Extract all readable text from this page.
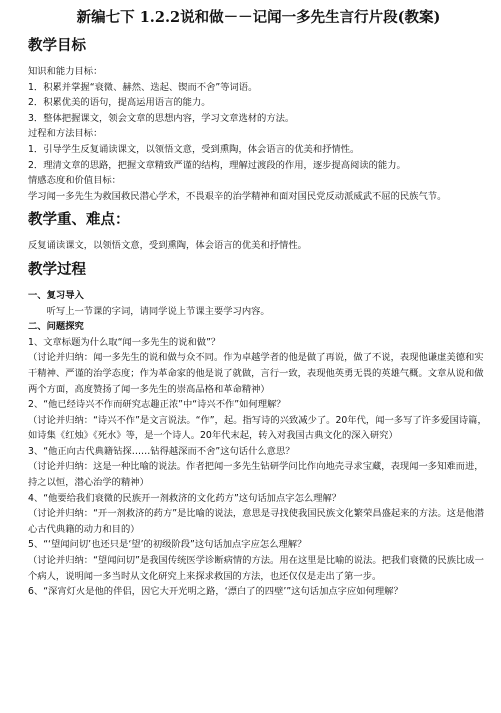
新编七下 1.2.2说和做－－记闻一多先生言行片段(教案)
教学目标
知识和能力目标：
1．积累并掌握“衰微、赫然、迭起、锲而不舍”等词语。
2．积累优美的语句，提高运用语言的能力。
3．整体把握课文，领会文章的思想内容，学习文章选材的方法。
过程和方法目标：
1．引导学生反复诵读课文，以领悟文意，受到熏陶，体会语言的优美和抒情性。
2．理清文章的思路，把握文章精致严谨的结构，理解过渡段的作用，逐步提高阅读的能力。
情感态度和价值目标：
学习闻一多先生为救国救民潜心学术，不畏艰辛的治学精神和面对国民党反动派威武不屈的民族气节。
教学重、难点：
反复诵读课文，以领悟文意，受到熏陶，体会语言的优美和抒情性。
教学过程
一、复习导入
听写上一节课的字词，请同学说上节课主要学习内容。
二、问题探究
1、文章标题为什么取“闻一多先生的说和做”？
（讨论并归纳：闻一多先生的说和做与众不同。作为卓越学者的他是做了再说，做了不说，表现他谦虚美德和实干精神、严谨的治学态度；作为革命家的他是说了就做，言行一致，表现他英勇无畏的英雄气概。文章从说和做两个方面，高度赞扬了闻一多先生的崇高品格和革命精神）
2、“他已经诗兴不作而研究志趣正浓”中“诗兴不作”如何理解？
（讨论并归纳：“诗兴不作”是文言说法。“作”，起。指写诗的兴致减少了。20年代，闻一多写了许多爱国诗篇，如诗集《红烛》《死水》等，是一个诗人。20年代末起，转入对我国古典文化的深入研究）
3、“他正向古代典籍钻探……钻得越深而不舍”这句话什么意思？
（讨论并归纳：这是一种比喻的说法。作者把闻一多先生钻研学问比作向地壳寻求宝藏，表现闻一多知难而进，持之以恒，潜心治学的精神）
4、“他要给我们衰微的民族开一剂救济的文化药方”这句话加点字怎么理解？
（讨论并归纳：“开一剂救济的药方”是比喻的说法，意思是寻找使我国民族文化繁荣昌盛起来的方法。这是他潜心古代典籍的动力和目的）
5、“‘望闻问切’也还只是‘望’的初级阶段”这句话加点字应怎么理解？
（讨论并归纳：“望闻问切”是我国传统医学诊断病情的方法。用在这里是比喻的说法。把我们衰微的民族比成一个病人，说明闻一多当时从文化研究上来探求救国的方法，也还仅仅是走出了第一步。
6、“深宵灯火是他的伴侣，因它大开光明之路，‘漂白了的四壁’”这句话加点字应如何理解？
